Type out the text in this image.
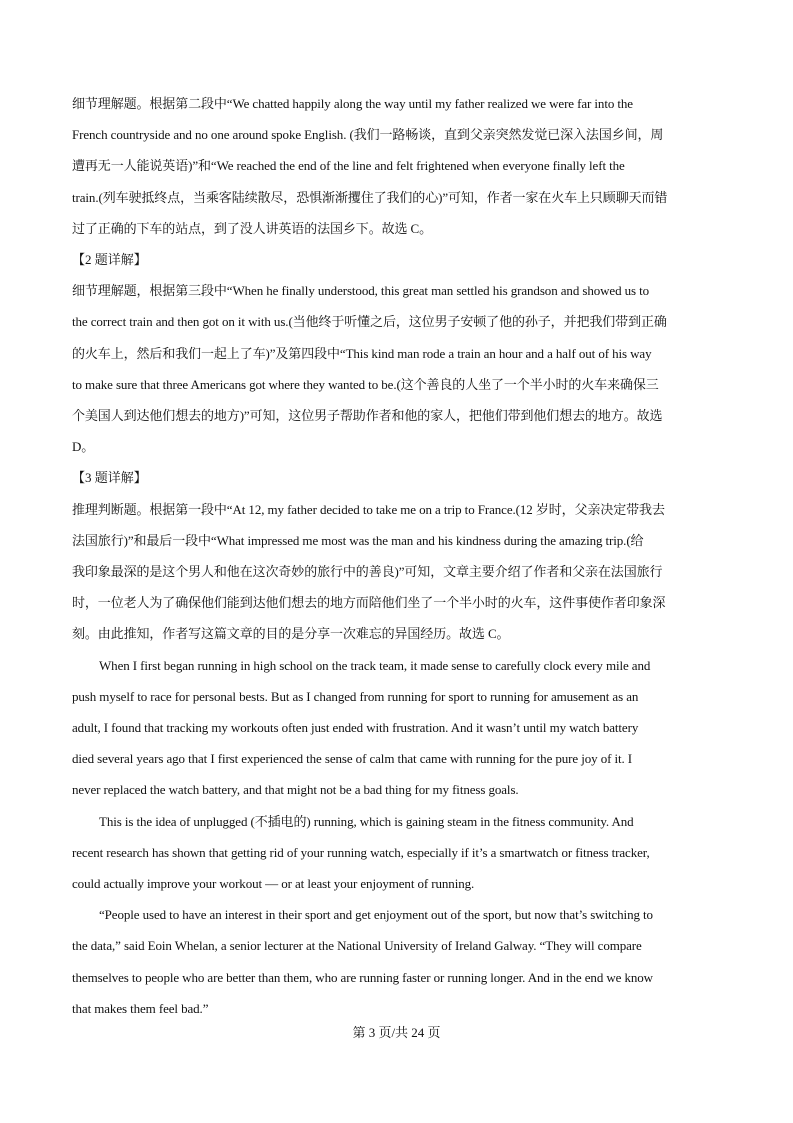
细节理解题。根据第二段中“We chatted happily along the way until my father realized we were far into the
French countryside and no one around spoke English. (我们一路畅谈，直到父亲突然发觉已深入法国乡间，周
遭再无一人能说英语)”和“We reached the end of the line and felt frightened when everyone finally left the
train.(列车驶抵终点，当乘客陆续散尽，恐惧渐渐攫住了我们的心)”可知，作者一家在火车上只顾聊天而错
过了正确的下车的站点，到了没人讲英语的法国乡下。故选 C。
【2 题详解】
细节理解题，根据第三段中“When he finally understood, this great man settled his grandson and showed us to
the correct train and then got on it with us.(当他终于听懂之后，这位男子安顿了他的孙子，并把我们带到正确
的火车上，然后和我们一起上了车)”及第四段中“This kind man rode a train an hour and a half out of his way
to make sure that three Americans got where they wanted to be.(这个善良的人坐了一个半小时的火车来确保三
个美国人到达他们想去的地方)”可知，这位男子帮助作者和他的家人，把他们带到他们想去的地方。故选
D。
【3 题详解】
推理判断题。根据第一段中“At 12, my father decided to take me on a trip to France.(12 岁时，父亲决定带我去
法国旅行)”和最后一段中“What impressed me most was the man and his kindness during the amazing trip.(给
我印象最深的是这个男人和他在这次奇妙的旅行中的善良)”可知，文章主要介绍了作者和父亲在法国旅行
时，一位老人为了确保他们能到达他们想去的地方而陪他们坐了一个半小时的火车，这件事使作者印象深
刻。由此推知，作者写这篇文章的目的是分享一次难忘的异国经历。故选 C。
When I first began running in high school on the track team, it made sense to carefully clock every mile and
push myself to race for personal bests. But as I changed from running for sport to running for amusement as an
adult, I found that tracking my workouts often just ended with frustration. And it wasn’t until my watch battery
died several years ago that I first experienced the sense of calm that came with running for the pure joy of it. I
never replaced the watch battery, and that might not be a bad thing for my fitness goals.
This is the idea of unplugged (不插电的) running, which is gaining steam in the fitness community. And
recent research has shown that getting rid of your running watch, especially if it’s a smartwatch or fitness tracker,
could actually improve your workout — or at least your enjoyment of running.
“People used to have an interest in their sport and get enjoyment out of the sport, but now that’s switching to
the data,” said Eoin Whelan, a senior lecturer at the National University of Ireland Galway. “They will compare
themselves to people who are better than them, who are running faster or running longer. And in the end we know
that makes them feel bad.”
第 3 页/共 24 页
